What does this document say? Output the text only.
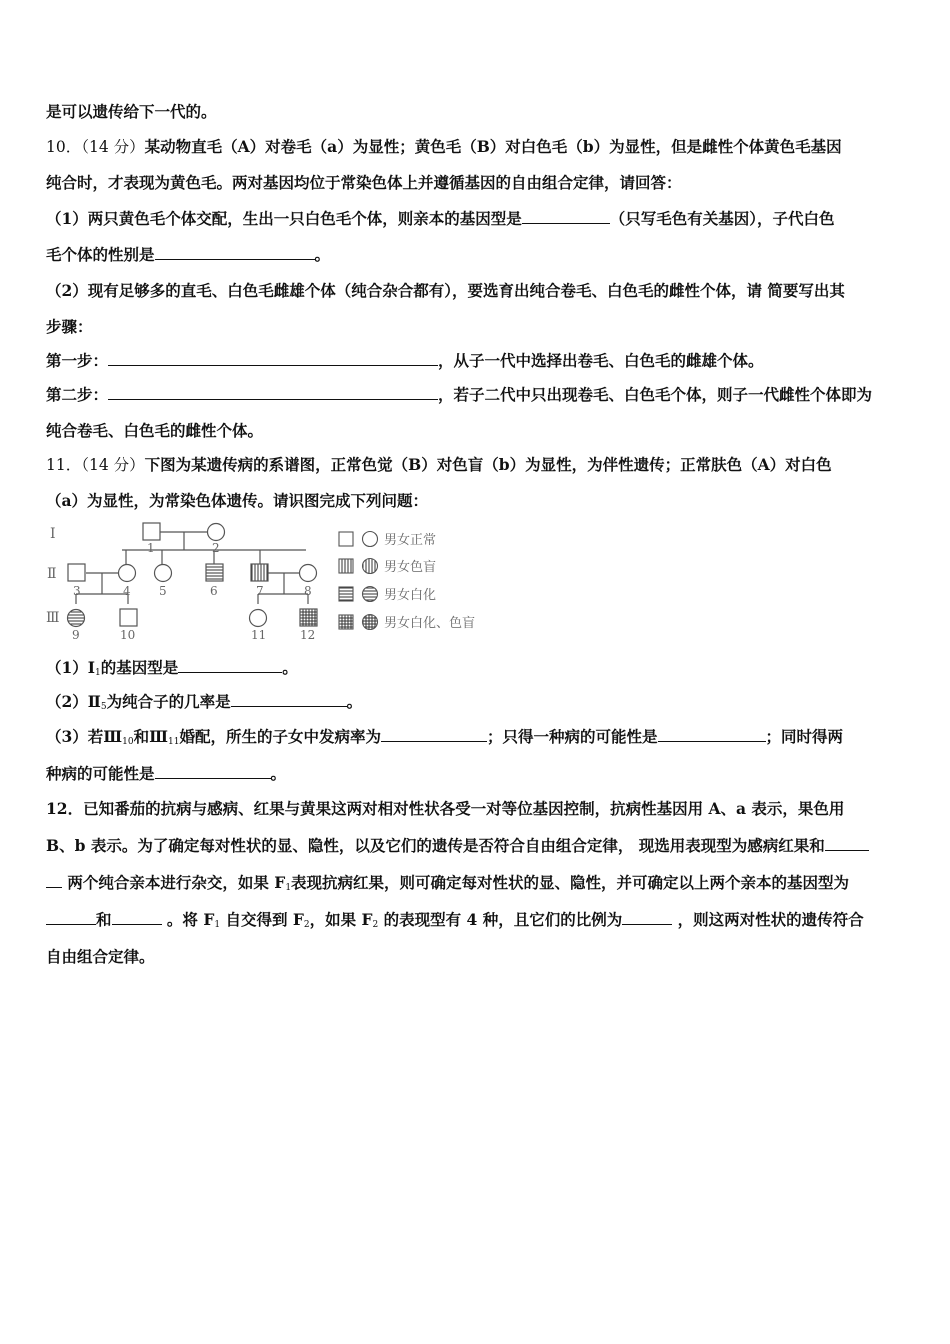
是可以遗传给下一代的。
10．（14 分）某动物直毛（A）对卷毛（a）为显性；黄色毛（B）对白色毛（b）为显性，但是雌性个体黄色毛基因
纯合时，才表现为黄色毛。两对基因均位于常染色体上并遵循基因的自由组合定律，请回答：
（1）两只黄色毛个体交配，生出一只白色毛个体，则亲本的基因型是	（只写毛色有关基因），子代白色
毛个体的性别是	。
（2）现有足够多的直毛、白色毛雌雄个体（纯合杂合都有），要选育出纯合卷毛、白色毛的雌性个体，请 简要写出其
步骤：
第一步：	，从子一代中选择出卷毛、白色毛的雌雄个体。
第二步：	，若子二代中只出现卷毛、白色毛个体，则子一代雌性个体即为
纯合卷毛、白色毛的雌性个体。
11．（14 分）下图为某遗传病的系谱图，正常色觉（B）对色盲（b）为显性，为伴性遗传；正常肤色（A）对白色
（a）为显性，为常染色体遗传。请识图完成下列问题：
Ⅰ
Ⅱ
Ⅲ
1	2
3	4 5	6	7	8
9	10	11	12
男女正常
男女色盲
男女白化
男女白化、色盲
$(1)Ⅰ_1$的基因型是	。
$(2)Ⅱ_5$为纯合子的几率是	。
（3）若$Ⅲ_{10}$和$Ⅲ_{11}$婚配，所生的子女中发病率为	；只得一种病的可能性是	；同时得两
种病的可能性是	。
12．已知番茄的抗病与感病、红果与黄果这两对相对性状各受一对等位基因控制，抗病性基因用 A、a 表示，果色用
B、b 表示。为了确定每对性状的显、隐性，以及它们的遗传是否符合自由组合定律， 现选用表现型为感病红果和
两个纯合亲本进行杂交，如果 $F_1$表现抗病红果，则可确定每对性状的显、隐性，并可确定以上两个亲本的基因型为
和	。将 $F_1$ 自交得到 $F_2$，如果 $F_2$ 的表现型有 4 种，且它们的比例为	，则这两对性状的遗传符合
自由组合定律。
